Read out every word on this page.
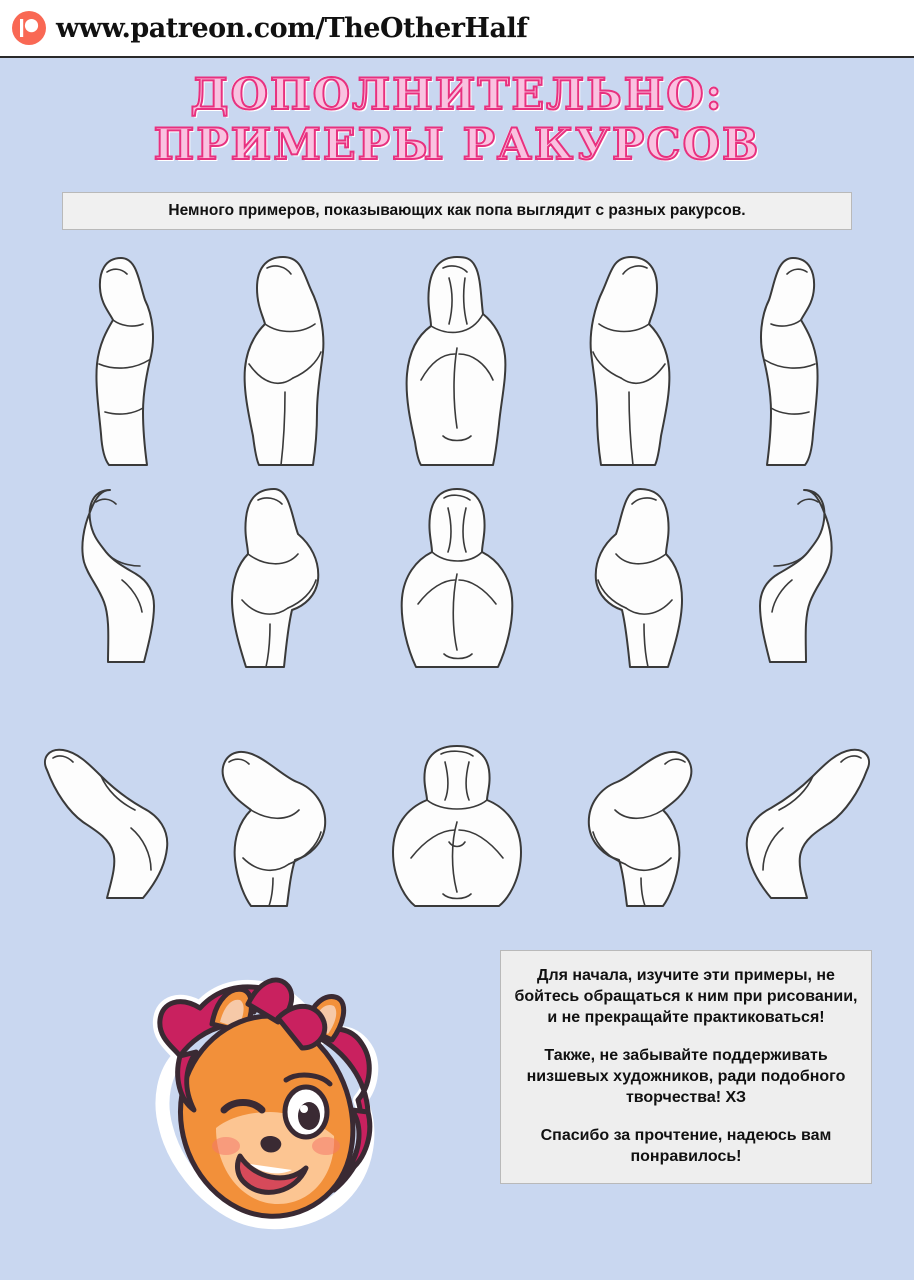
www.patreon.com/TheOtherHalf
ДОПОЛНИТЕЛЬНО:
ПРИМЕРЫ РАКУРСОВ
Немного примеров, показывающих как попа выглядит с разных ракурсов.

Для начала, изучите эти примеры, не бойтесь обращаться к ним при рисовании, и не прекращайте практиковаться!

Также, не забывайте поддерживать низшевых художников, ради подобного творчества! ХЗ

Спасибо за прочтение, надеюсь вам понравилось!
